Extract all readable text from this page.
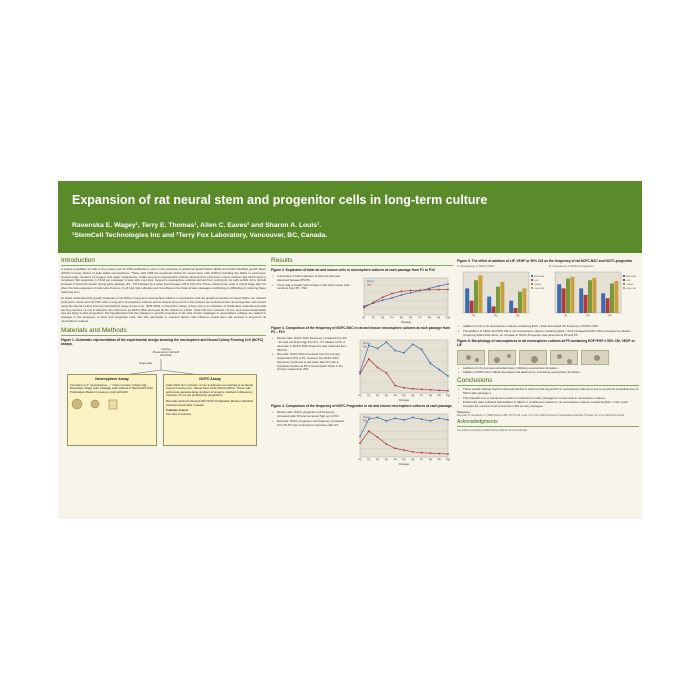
Expansion of rat neural stem and progenitor cells in long-term culture
Ravenska E. Wagey¹, Terry E. Thomas¹, Allen C. Eaves² and Sharon A. Louis¹.
¹StemCell Technologies Inc and ²Terry Fox Laboratory, Vancouver, BC, Canada.
Introduction
A unique population of cells in the mouse and rat CNS proliferate in vitro in the presence of epidermal growth factor (EGF) and basic fibroblast growth factor (bFGF) forming cluster of cells called neurospheres. These cells fulfill the functional criteria for neural stem cells (NSCs) including the ability to self-renew, produce large numbers of progeny and retain multipotency. Unlike long term neurosphere cultures derived from embryonic mouse cortical cells which show a consistent fold expansion (~5 fold per passage) in total cells over time, long-term neurosphere cultures derived from embryonic rat cells exhibit 10 to 40-fold increase in total cell number during early passage (P1 - P3) followed by a lower fold increase of 8 in P3 to P4. These cultures then enter a critical stage after P4 when the fold expansion of total cells drops to 2 to 8 fold. Rat cells also tend to adhere to the flask at later passages contributing to difficulties in culturing these cells long term.
To better understand the growth properties of rat NSCs in long-term neurosphere cultures in comparison with the growth properties of mouse NSCs, we cultured embryonic mouse and rat CNS cells in long term neurosphere cultures and at various time points in the cultures we measured stem and progenitor cell content using the Neural Colony Forming Cell (NCFC) assay (Louis et al., SFN 2004). In the NCFC assay, colony size is an indication of proliferative potential and cells forming colonies >2 mm in diameter are referred to as NCFC-NSC and meet all the criteria for a NSC. Cells that form colonies <2 mm, lack self-renewal ability and are likely neural progenitors. We hypothesized that the changes in growth properties of rat cells at later passages in neurosphere cultures are related to changes in the frequency of stem and progenitor cells. We also attempted to examine factors that influence neural stem cell survival in long-term rat neurosphere cultures.
Materials and Methods
Figure 1. Schematic representation of the experimental design showing the neurosphere and Neural Colony Forming Cell (NCFC) assays.
Cortices
Mouse E14 or Rat E18
dissociate
Single cells
Neurosphere Assay
Formation of 1° neurospheres — 7 days (mouse), 9 days (rat). Dissociate. Single cells. Passage cells cultured in NeuroCult® NSC Proliferation Medium (mouse) or (rat) with EGF.
NCFC Assay
Cells which form colonies >2 mm in diameter are referred to as Neural Colony Forming Cell - Neural Stem Cells (NCFC-NSCs). These cells: self-renew, generate large numbers of progeny, maintain multipotency. Colonies <2 mm are produced by progenitors.
Rat cells cultured in NeuroCult® NCFC Proliferation Medium with EGF. Colonies scored after 3 weeks.
Colonies scored
Sort size of colonies
Results
Figure 2. Expansion of total rat and mouse cells in neurosphere cultures at each passage from P1 to P10
• A decrease in fold expansion of total rat cells was observed between P5-P6.
• There was a steady fold increase in the total mouse cells numbers from P0 - P10.
P1	P2	P3	P4	P5	P6	P7	P8	P9 P10
Passage
Mouse
Rat
Figure 3. Comparison of the frequency of NCFC-NSC in rat and mouse neurosphere cultures at each passage from P0 – P10
• Mouse cells: NCFC-NSC frequency increased from P0 - P1 and remained high from P1 - P7 relative to P0. A decrease in NCFC-NSC frequency was observed from P8-P10.
• Rat cells: NCFC-NSC increased from the primary suspension (P0) to P1, however the NCFC-NSC frequency continued to decrease after P1 with a significant decline at P4 to levels below those in the primary suspension (P0).
P0 P1 P2 P3 P4 P5 P6 P7 P8 P9 P10
Passage
Mouse
Rat
Figure 4. Comparison of the frequency of NCFC-Progenitor in rat and mouse neurosphere cultures at each passage.
• Mouse cells: NCFC-progenitor cell frequency increased after P0 and remained high up to P10.
• Rat cells: NCFC-progenitor cell frequency increased from P0-P1 then continued to decrease after P1.
P0 P1 P2 P3 P4 P5 P6 P7 P8 P9 P10
Passage
Mouse
Rat
Figure 5. The effect of addition of LIF, VEGF or 50% CM on the frequency of rat NCFC-NSC and NCFC-progenitor
A. Frequency of NCFC-NSC
P1	P3	P5
EGF+FGF
+LIF
+VEGF
+50% CM
B. Frequency of NCFC-progenitor
P1	P3	P5
EGF+FGF
+LIF
+VEGF
+50% CM
• Addition of LIF to rat neurosphere cultures containing EGF + FGF decreased the frequency of NCFC-NSC.
• The addition of VEGF and 50% CM to rat neurosphere cultures containing EGF + FGF increased NCFC-NSC compared to cultures containing EGF+FGF alone. An increase in NCFC-Progenitor was observed at P3 and P5.
Figure 6. Morphology of neurospheres in rat neurosphere cultures at P5 containing EGF+FGF ± 50% CM, VEGF or LIF
• Addition of LIF promotes cell attachment, inhibiting neurosphere formation.
• Addition of 50% CM or VEGF decreased cell attachment, increasing neurosphere formation.
Conclusions
• These results indicate that the observed decline in total rat cells beyond P4 in neurosphere cultures is due to an almost immediate loss of NSCs after passage 1.
• This dramatic loss in neural stem cells is not detected in early passages of mouse cells in neurosphere cultures.
• Preliminary data indicated that addition of VEGF or conditioned medium to rat neurosphere cultures containing EGF + FGF could increase the survival of rat neural stem cells at early passages.
References
Reynolds, B. and Weiss, S. (1992) Science 255: 1707-1710. Louis, S.A. et al. (2004) Society for Neuroscience Abstract. Thomas, T.E. et al. (2004) Exp Neurol.
Acknowledgments
The authors would like to thank Carmen Wai for her technical help.
